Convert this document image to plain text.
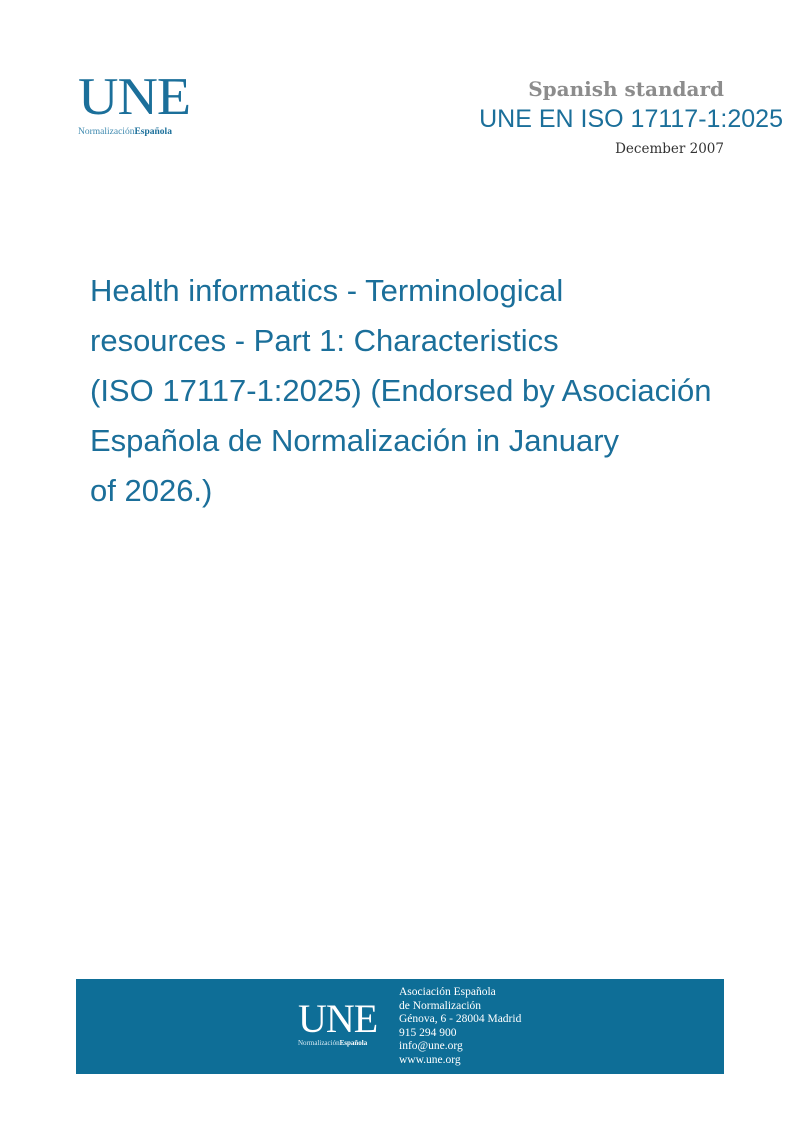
UNE
NormalizaciónEspañola
Spanish standard
UNE EN ISO 17117-1:2025
December 2007
Health informatics - Terminological
resources - Part 1: Characteristics
(ISO 17117-1:2025) (Endorsed by Asociación
Española de Normalización in January
of 2026.)
UNE
NormalizaciónEspañola
Asociación Española
de Normalización
Génova, 6 - 28004 Madrid
915 294 900
info@une.org
www.une.org
